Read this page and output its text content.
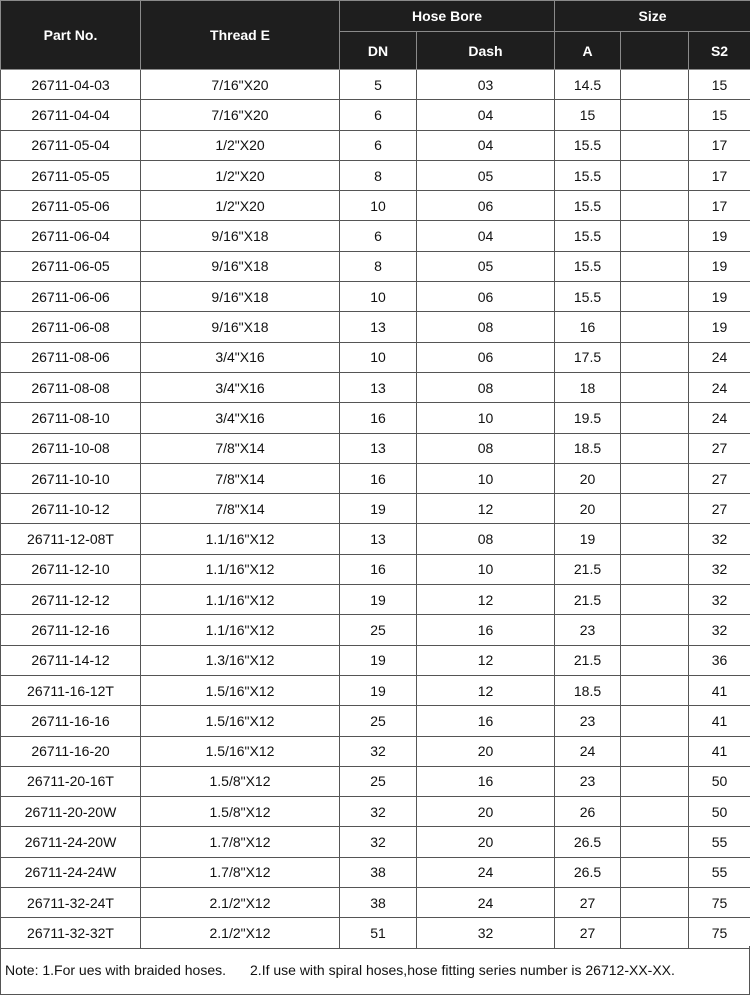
Part No.	Thread E	Hose Bore		Size		
		DN	Dash	A		S2
26711-04-03	7/16"X20	5	03	14.5		15
26711-04-04	7/16"X20	6	04	15		15
26711-05-04	1/2"X20	6	04	15.5		17
26711-05-05	1/2"X20	8	05	15.5		17
26711-05-06	1/2"X20	10	06	15.5		17
26711-06-04	9/16"X18	6	04	15.5		19
26711-06-05	9/16"X18	8	05	15.5		19
26711-06-06	9/16"X18	10	06	15.5		19
26711-06-08	9/16"X18	13	08	16		19
26711-08-06	3/4"X16	10	06	17.5		24
26711-08-08	3/4"X16	13	08	18		24
26711-08-10	3/4"X16	16	10	19.5		24
26711-10-08	7/8"X14	13	08	18.5		27
26711-10-10	7/8"X14	16	10	20		27
26711-10-12	7/8"X14	19	12	20		27
26711-12-08T	1.1/16"X12	13	08	19		32
26711-12-10	1.1/16"X12	16	10	21.5		32
26711-12-12	1.1/16"X12	19	12	21.5		32
26711-12-16	1.1/16"X12	25	16	23		32
26711-14-12	1.3/16"X12	19	12	21.5		36
26711-16-12T	1.5/16"X12	19	12	18.5		41
26711-16-16	1.5/16"X12	25	16	23		41
26711-16-20	1.5/16"X12	32	20	24		41
26711-20-16T	1.5/8"X12	25	16	23		50
26711-20-20W	1.5/8"X12	32	20	26		50
26711-24-20W	1.7/8"X12	32	20	26.5		55
26711-24-24W	1.7/8"X12	38	24	26.5		55
26711-32-24T	2.1/2"X12	38	24	27		75
26711-32-32T	2.1/2"X12	51	32	27		75
Note: 1.For ues with braided hoses. 2.If use with spiral hoses,hose fitting series number is 26712-XX-XX.
